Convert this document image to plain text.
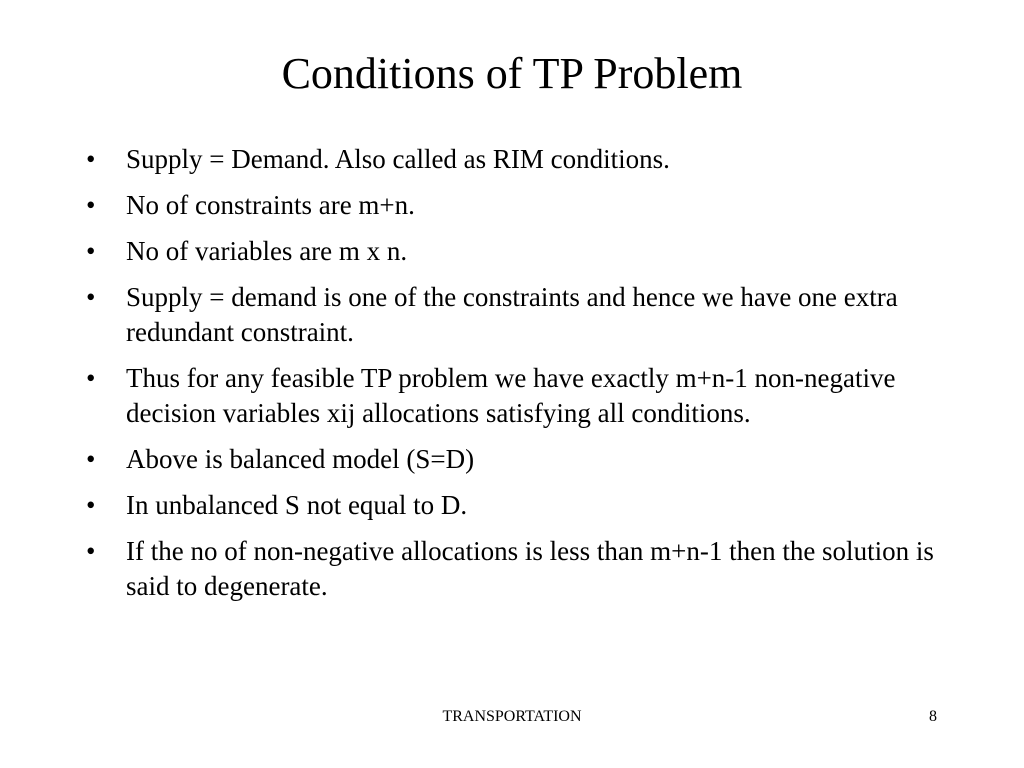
Conditions of TP Problem
•	Supply = Demand. Also called as RIM conditions.
•	No of constraints are m+n.
•	No of variables are m x n.
•	Supply = demand is one of the constraints and hence we have one extra redundant constraint.
•	Thus for any feasible TP problem we have exactly m+n-1 non-negative decision variables xij allocations satisfying all conditions.
•	Above is balanced model (S=D)
•	In unbalanced S not equal to D.
•	If the no of non-negative allocations is less than m+n-1 then the solution is said to degenerate.
TRANSPORTATION	8
